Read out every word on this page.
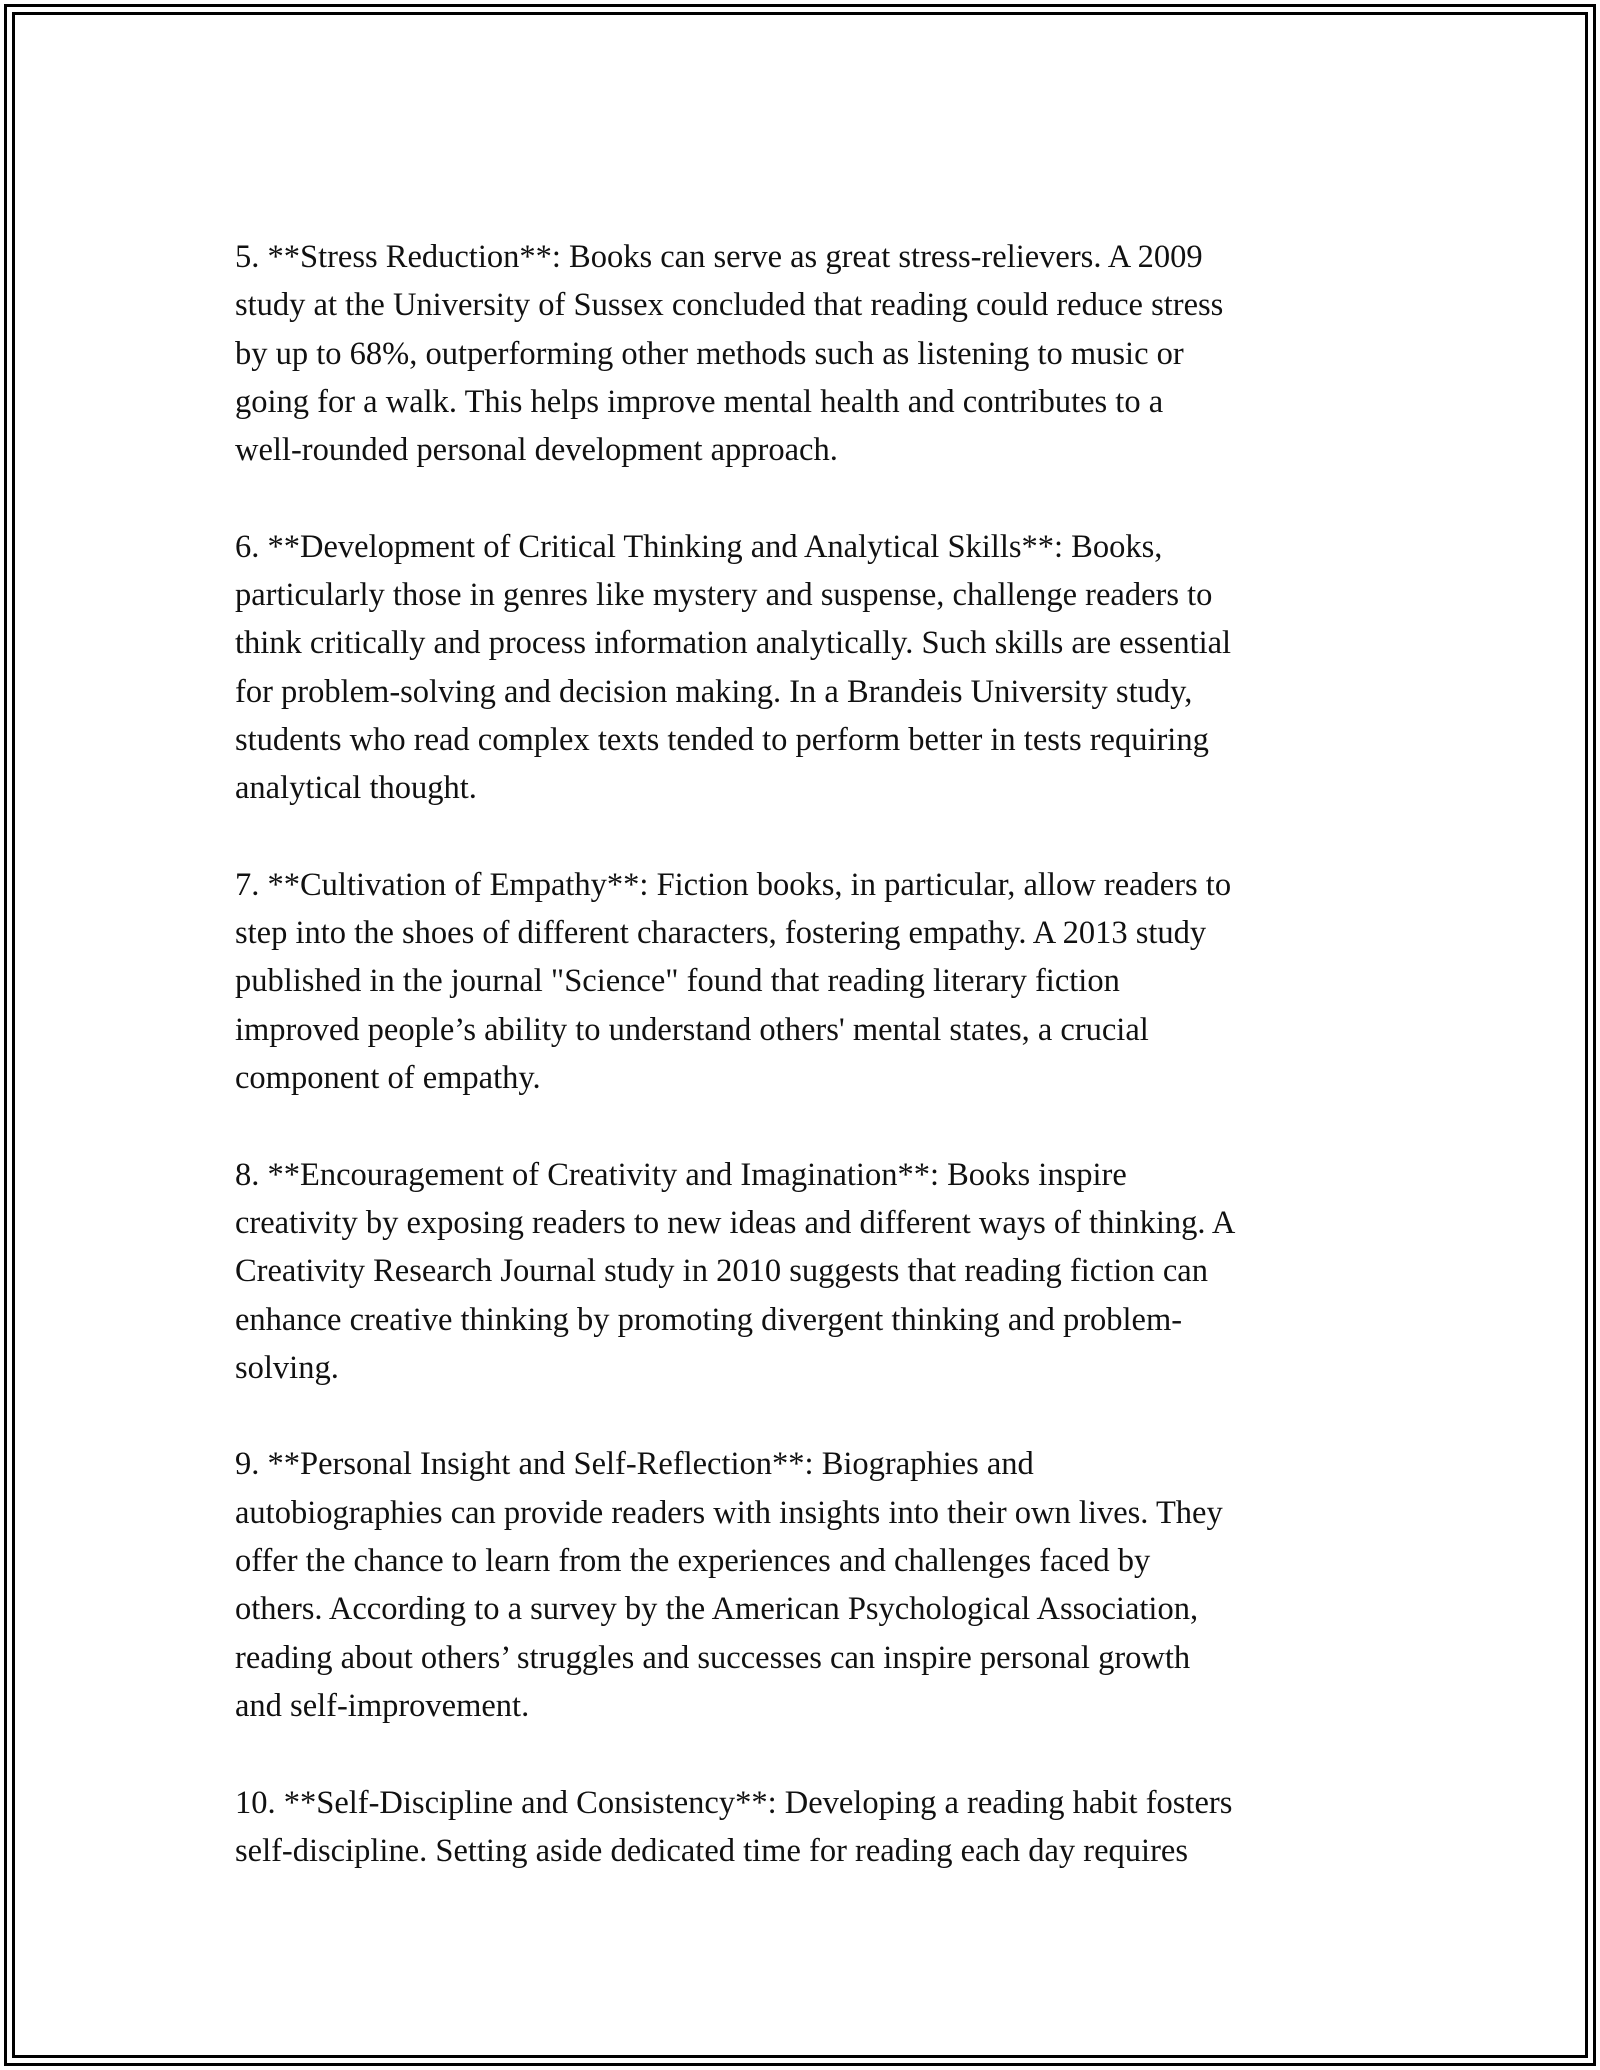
5. **Stress Reduction**: Books can serve as great stress-relievers. A 2009
study at the University of Sussex concluded that reading could reduce stress
by up to 68%, outperforming other methods such as listening to music or
going for a walk. This helps improve mental health and contributes to a
well-rounded personal development approach.

6. **Development of Critical Thinking and Analytical Skills**: Books,
particularly those in genres like mystery and suspense, challenge readers to
think critically and process information analytically. Such skills are essential
for problem-solving and decision making. In a Brandeis University study,
students who read complex texts tended to perform better in tests requiring
analytical thought.

7. **Cultivation of Empathy**: Fiction books, in particular, allow readers to
step into the shoes of different characters, fostering empathy. A 2013 study
published in the journal "Science" found that reading literary fiction
improved people’s ability to understand others' mental states, a crucial
component of empathy.

8. **Encouragement of Creativity and Imagination**: Books inspire
creativity by exposing readers to new ideas and different ways of thinking. A
Creativity Research Journal study in 2010 suggests that reading fiction can
enhance creative thinking by promoting divergent thinking and problem-
solving.

9. **Personal Insight and Self-Reflection**: Biographies and
autobiographies can provide readers with insights into their own lives. They
offer the chance to learn from the experiences and challenges faced by
others. According to a survey by the American Psychological Association,
reading about others’ struggles and successes can inspire personal growth
and self-improvement.

10. **Self-Discipline and Consistency**: Developing a reading habit fosters
self-discipline. Setting aside dedicated time for reading each day requires
